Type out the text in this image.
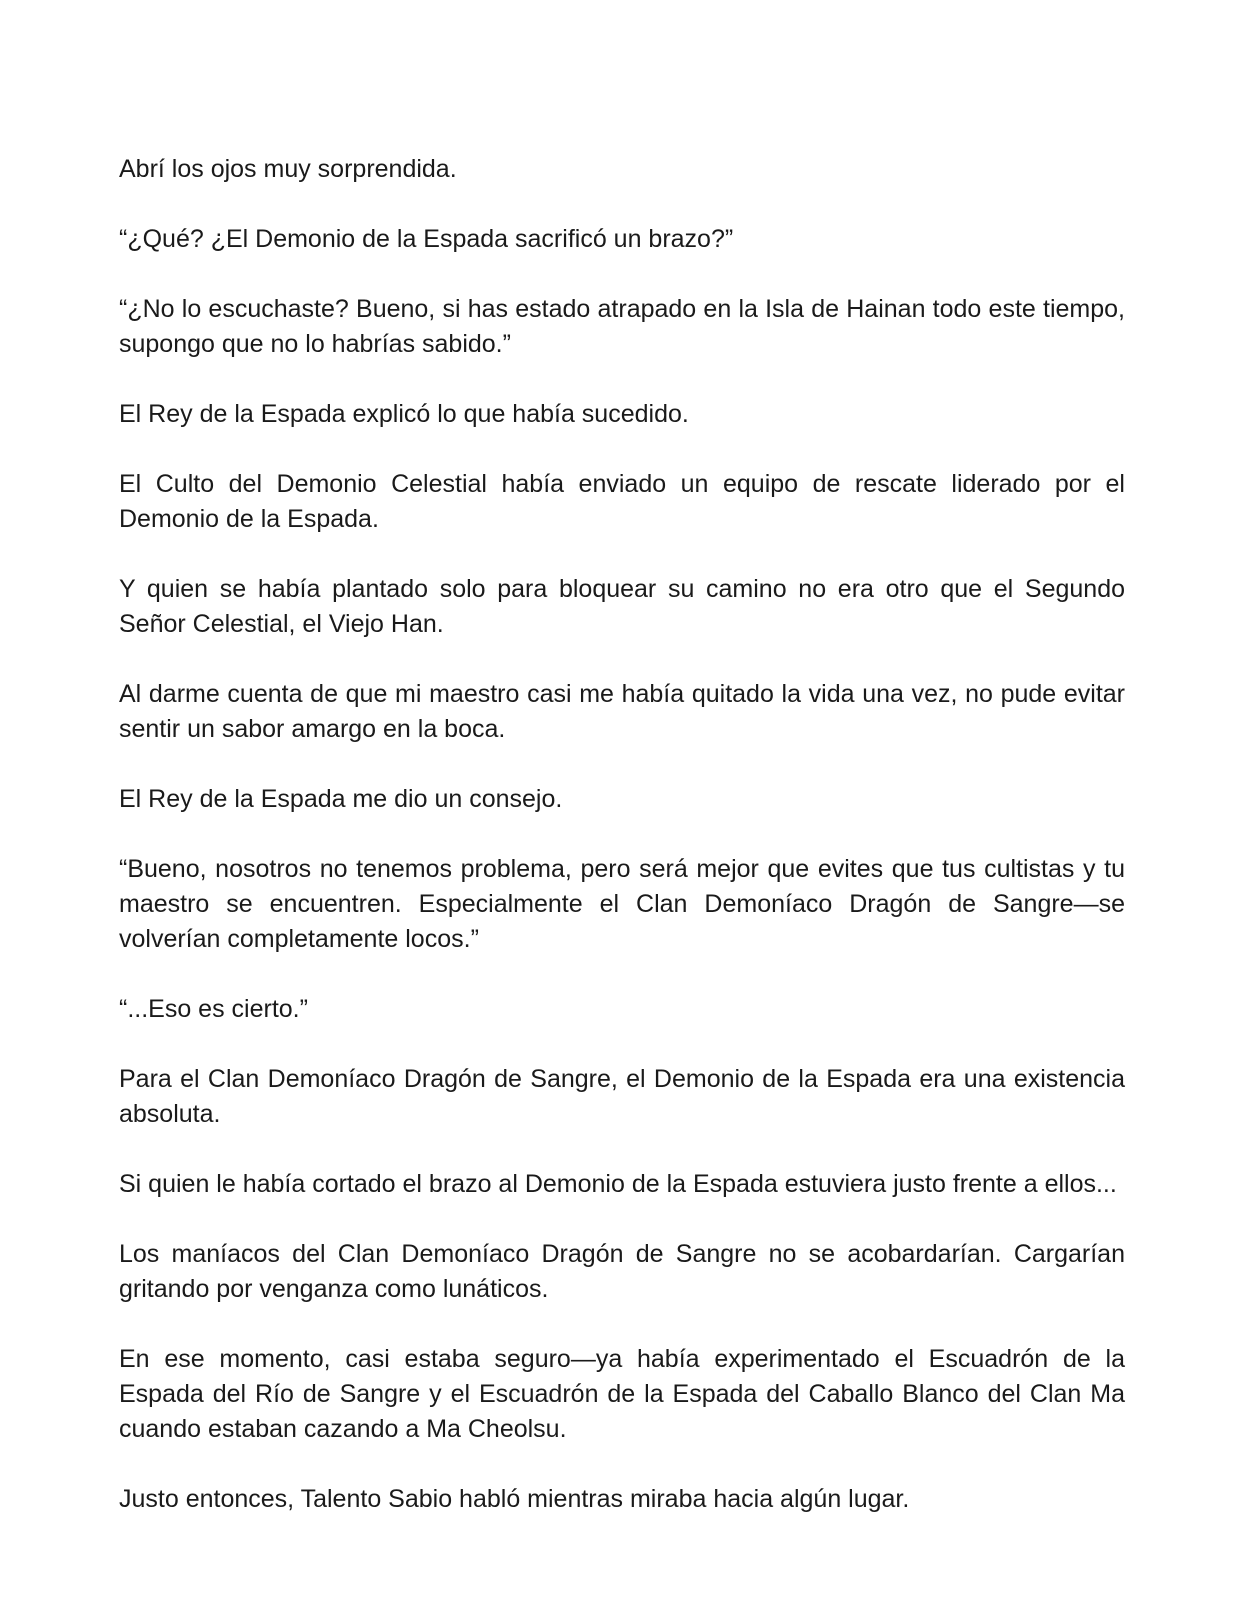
Abrí los ojos muy sorprendida.

“¿Qué? ¿El Demonio de la Espada sacrificó un brazo?”

“¿No lo escuchaste? Bueno, si has estado atrapado en la Isla de Hainan todo este tiempo, supongo que no lo habrías sabido.”

El Rey de la Espada explicó lo que había sucedido.

El Culto del Demonio Celestial había enviado un equipo de rescate liderado por el Demonio de la Espada.

Y quien se había plantado solo para bloquear su camino no era otro que el Segundo Señor Celestial, el Viejo Han.

Al darme cuenta de que mi maestro casi me había quitado la vida una vez, no pude evitar sentir un sabor amargo en la boca.

El Rey de la Espada me dio un consejo.

“Bueno, nosotros no tenemos problema, pero será mejor que evites que tus cultistas y tu maestro se encuentren. Especialmente el Clan Demoníaco Dragón de Sangre—se volverían completamente locos.”

“...Eso es cierto.”

Para el Clan Demoníaco Dragón de Sangre, el Demonio de la Espada era una existencia absoluta.

Si quien le había cortado el brazo al Demonio de la Espada estuviera justo frente a ellos...

Los maníacos del Clan Demoníaco Dragón de Sangre no se acobardarían. Cargarían gritando por venganza como lunáticos.

En ese momento, casi estaba seguro—ya había experimentado el Escuadrón de la Espada del Río de Sangre y el Escuadrón de la Espada del Caballo Blanco del Clan Ma cuando estaban cazando a Ma Cheolsu.

Justo entonces, Talento Sabio habló mientras miraba hacia algún lugar.
